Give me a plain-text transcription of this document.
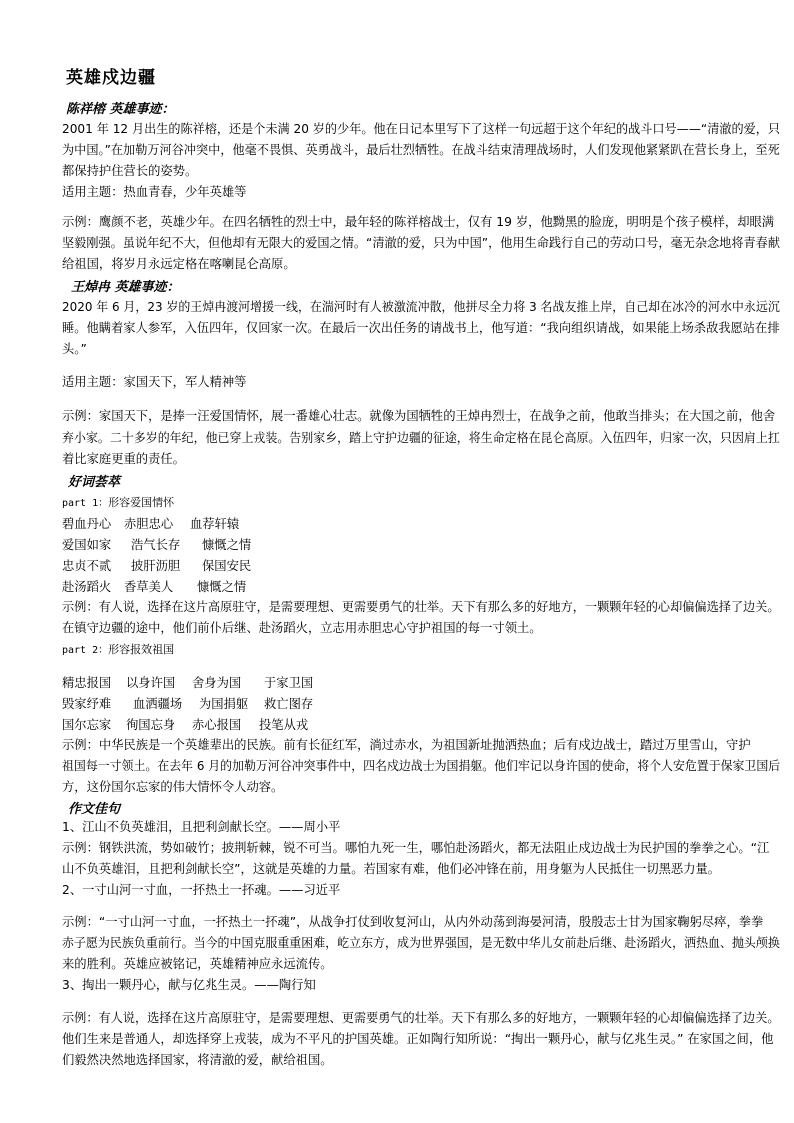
英雄戍边疆
陈祥榕 英雄事迹：
2001 年 12 月出生的陈祥榕，还是个未满 20 岁的少年。他在日记本里写下了这样一句远超于这个年纪的战斗口号——“清澈的爱，只
为中国。”在加勒万河谷冲突中，他毫不畏惧、英勇战斗，最后壮烈牺牲。在战斗结束清理战场时，人们发现他紧紧趴在营长身上，至死
都保持护住营长的姿势。
适用主题：热血青春，少年英雄等
示例：鹰颜不老，英雄少年。在四名牺牲的烈士中，最年轻的陈祥榕战士，仅有 19 岁，他黝黑的脸庞，明明是个孩子模样，却眼满
坚毅刚强。虽说年纪不大，但他却有无限大的爱国之情。“清澈的爱，只为中国”，他用生命践行自己的劳动口号，毫无杂念地将青春献
给祖国，将岁月永远定格在喀喇昆仑高原。
王焯冉 英雄事迹：
2020 年 6 月，23 岁的王焯冉渡河增援一线，在湍河时有人被激流冲散，他拼尽全力将 3 名战友推上岸，自己却在冰冷的河水中永远沉
睡。他瞒着家人参军，入伍四年，仅回家一次。在最后一次出任务的请战书上，他写道：“我向组织请战，如果能上场杀敌我愿站在排
头。”
适用主题：家国天下，军人精神等
示例：家国天下，是捧一汪爱国情怀，展一番雄心壮志。就像为国牺牲的王焯冉烈士，在战争之前，他敢当排头；在大国之前，他舍
弃小家。二十多岁的年纪，他已穿上戎装。告别家乡，踏上守护边疆的征途，将生命定格在昆仑高原。入伍四年，归家一次，只因肩上扛
着比家庭更重的责任。
好词荟萃
part 1：形容爱国情怀
碧血丹心 赤胆忠心 血荐轩辕
爱国如家 浩气长存 慷慨之情
忠贞不贰 披肝沥胆 保国安民
赴汤蹈火 香草美人 慷慨之情
示例：有人说，选择在这片高原驻守，是需要理想、更需要勇气的壮举。天下有那么多的好地方，一颗颗年轻的心却偏偏选择了边关。
在镇守边疆的途中，他们前仆后继、赴汤蹈火，立志用赤胆忠心守护祖国的每一寸领土。
part 2：形容报效祖国
精忠报国 以身许国 舍身为国 于家卫国
毁家纾难 血洒疆场 为国捐躯 救亡图存
国尔忘家 徇国忘身 赤心报国 投笔从戎
示例：中华民族是一个英雄辈出的民族。前有长征红军，淌过赤水，为祖国新址抛洒热血；后有戍边战士，踏过万里雪山，守护
祖国每一寸领土。在去年 6 月的加勒万河谷冲突事件中，四名戍边战士为国捐躯。他们牢记以身许国的使命，将个人安危置于保家卫国后
方，这份国尔忘家的伟大情怀令人动容。
作文佳句
1、江山不负英雄泪，且把利剑献长空。——周小平
示例：钢铁洪流，势如破竹；披荆斩棘，锐不可当。哪怕九死一生，哪怕赴汤蹈火，都无法阻止戍边战士为民护国的拳拳之心。“江
山不负英雄泪，且把利剑献长空”，这就是英雄的力量。若国家有难，他们必冲锋在前，用身躯为人民抵住一切黑恶力量。
2、一寸山河一寸血，一抔热土一抔魂。——习近平
示例：“一寸山河一寸血，一抔热土一抔魂”，从战争打仗到收复河山，从内外动荡到海晏河清，殷殷志士甘为国家鞠躬尽瘁，拳拳
赤子愿为民族负重前行。当今的中国克服重重困难，屹立东方，成为世界强国，是无数中华儿女前赴后继、赴汤蹈火，洒热血、抛头颅换
来的胜利。英雄应被铭记，英雄精神应永远流传。
3、掏出一颗丹心，献与亿兆生灵。——陶行知
示例：有人说，选择在这片高原驻守，是需要理想、更需要勇气的壮举。天下有那么多的好地方，一颗颗年轻的心却偏偏选择了边关。
他们生来是普通人，却选择穿上戎装，成为不平凡的护国英雄。正如陶行知所说：“掏出一颗丹心，献与亿兆生灵。” 在家国之间，他
们毅然决然地选择国家，将清澈的爱，献给祖国。
